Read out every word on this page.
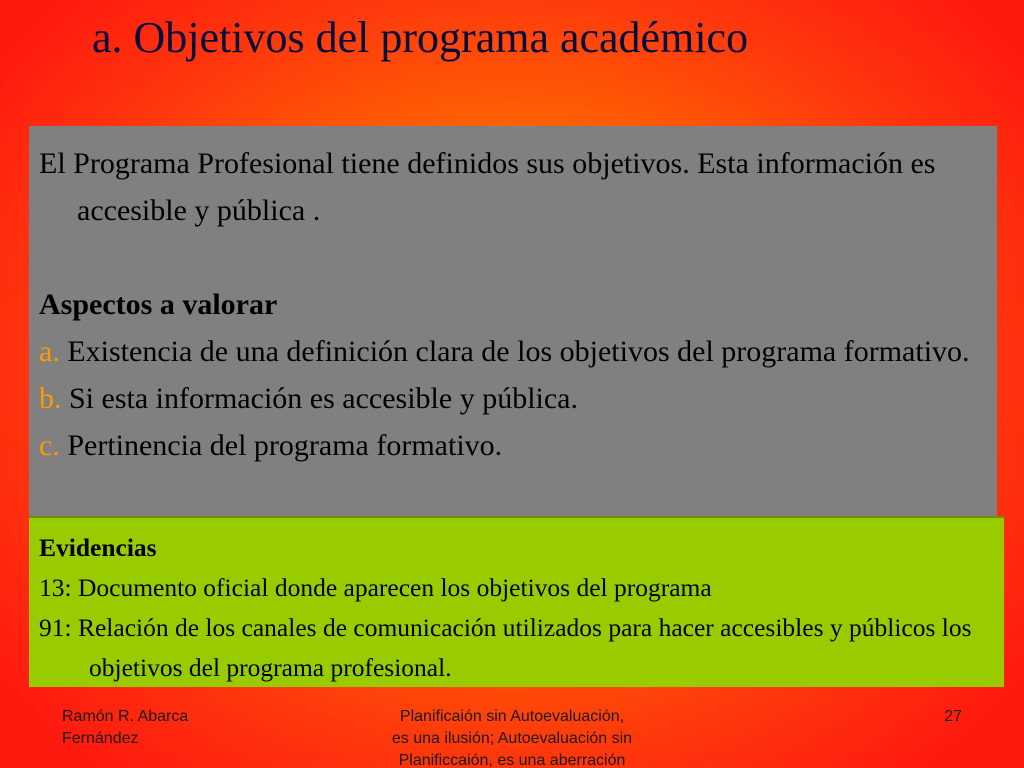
a. Objetivos del programa académico

El Programa Profesional tiene definidos sus objetivos. Esta información es accesible y pública .

Aspectos a valorar

a. Existencia de una definición clara de los objetivos del programa formativo.

b. Si esta información es accesible y pública.

c. Pertinencia del programa formativo.

Evidencias

13: Documento oficial donde aparecen los objetivos del programa

91: Relación de los canales de comunicación utilizados para hacer accesibles y públicos los objetivos del programa profesional.

Ramón R. Abarca
Fernández
Planificaión sin Autoevaluación,
es una ilusión; Autoevaluación sin
Planificcaión, es una aberración
27
